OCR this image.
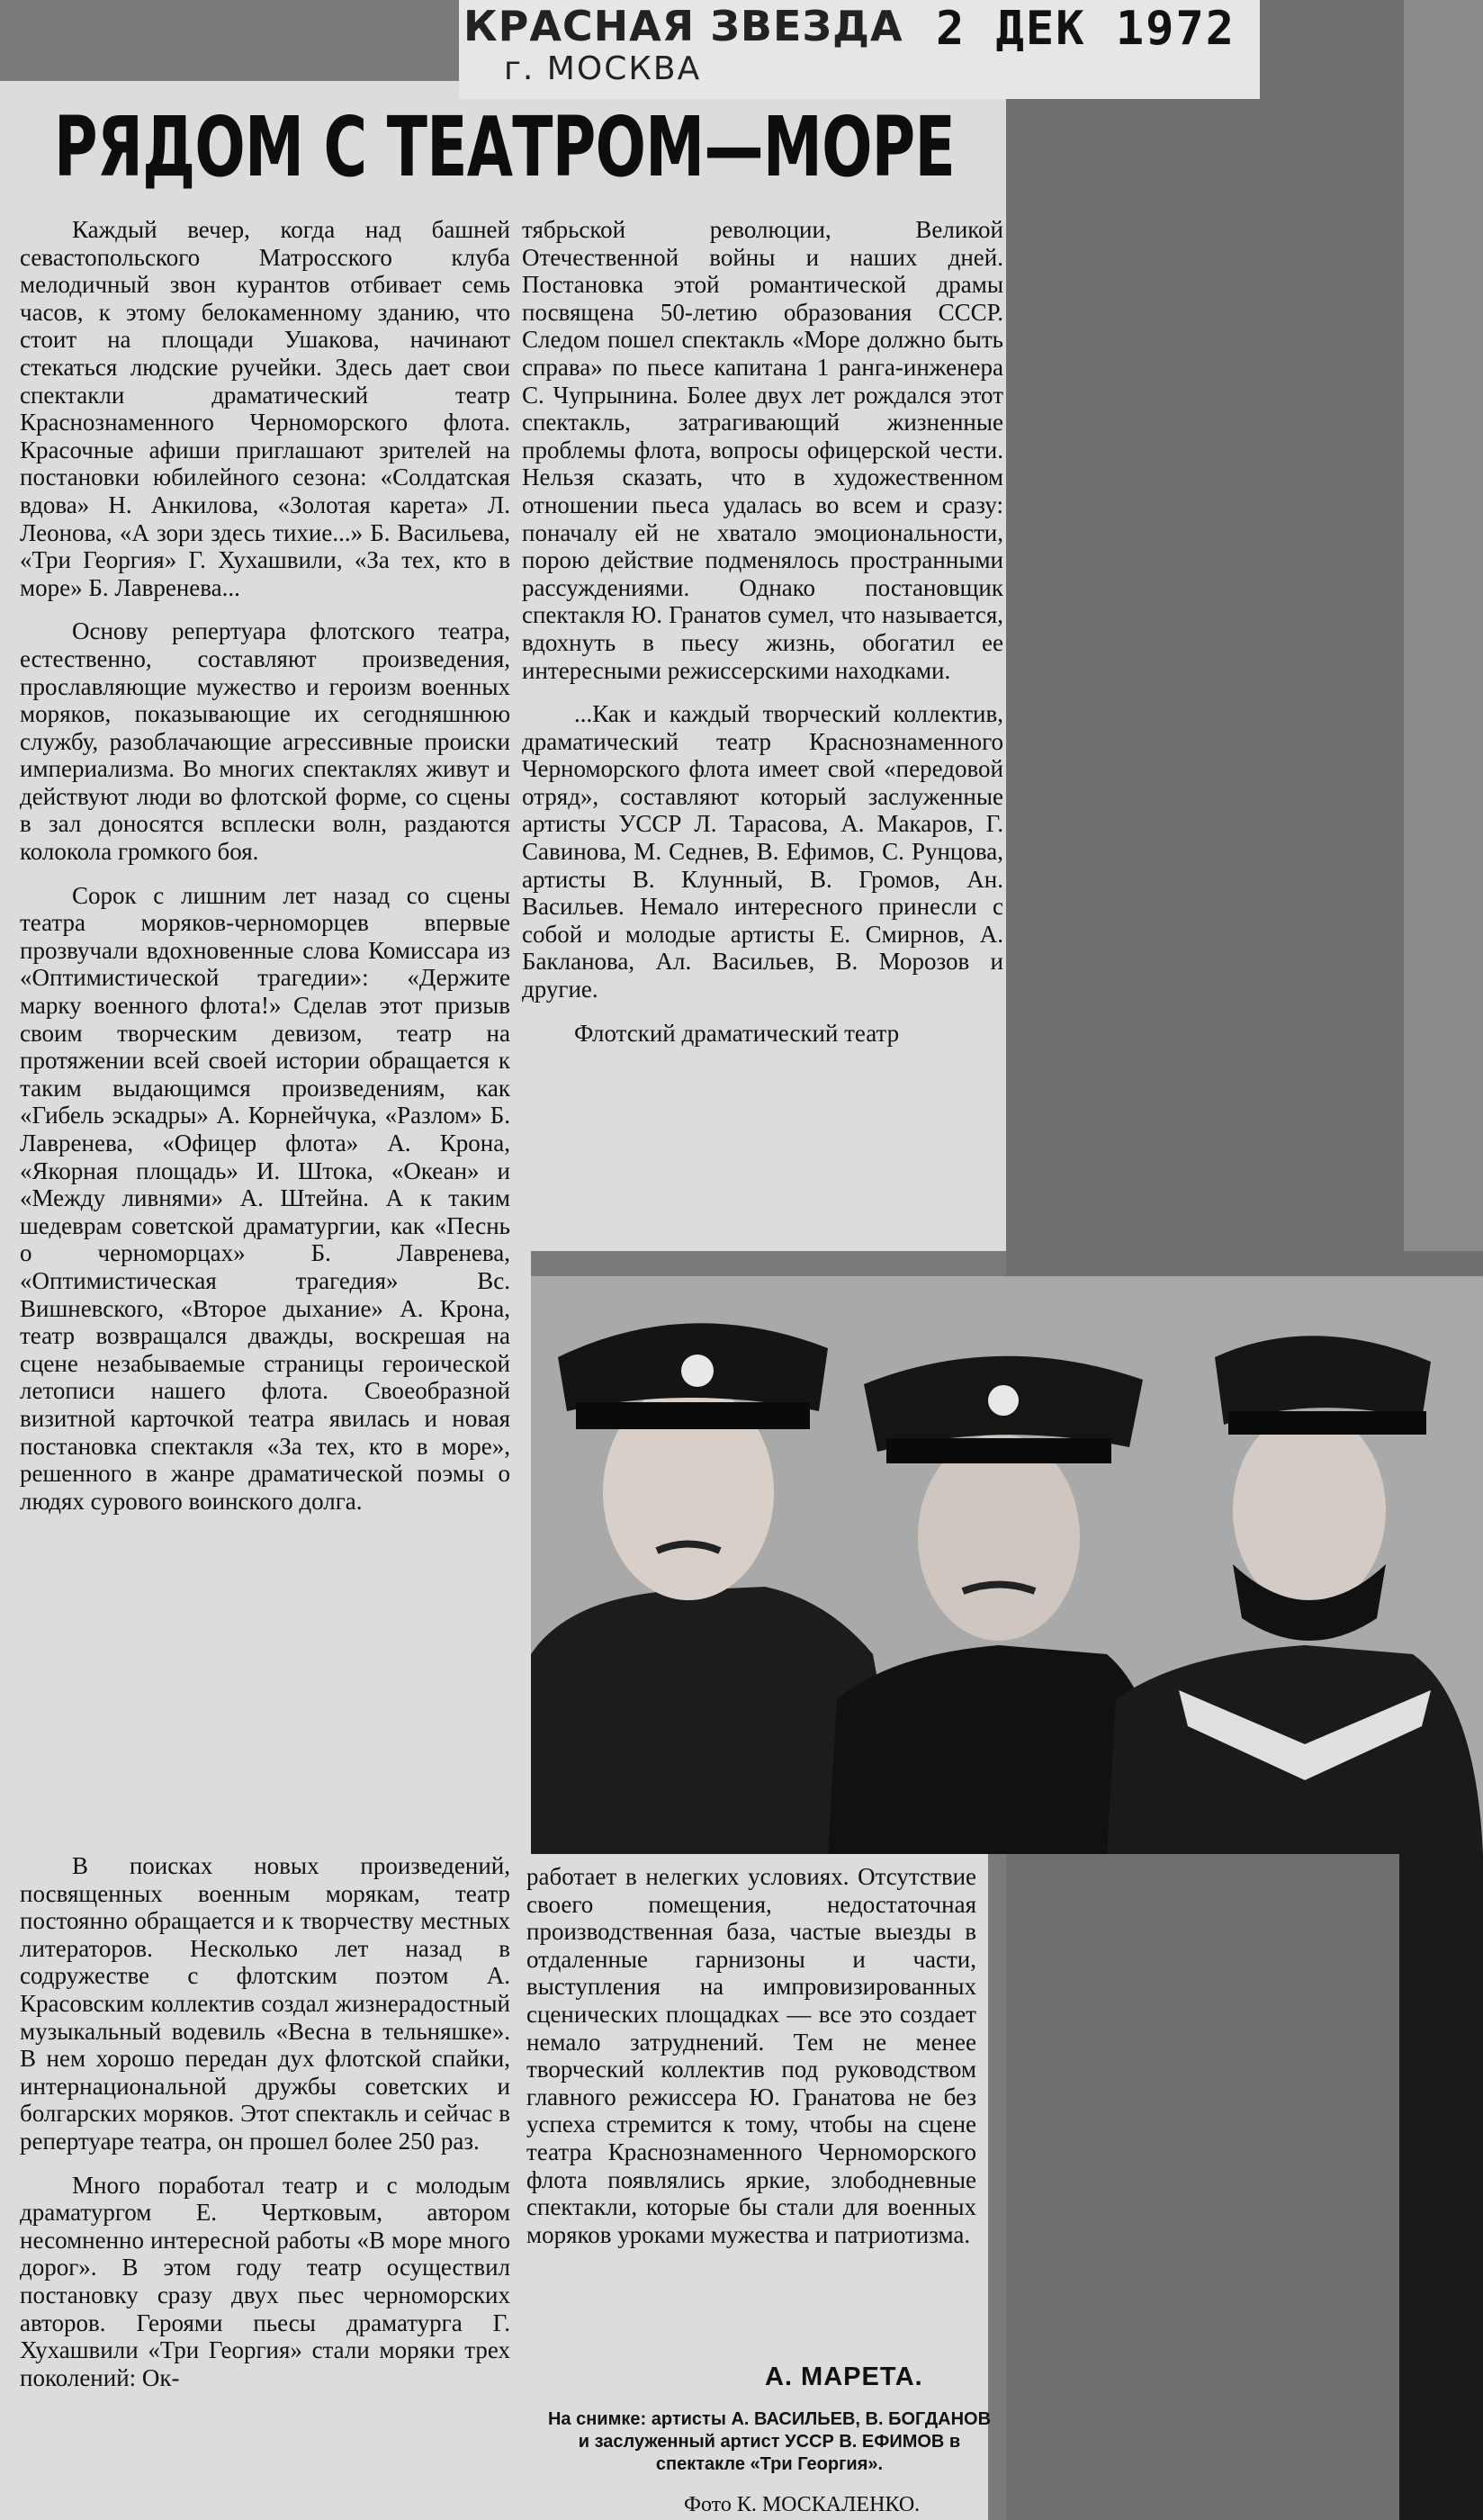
КРАСНАЯ ЗВЕЗДА
г. МОСКВА
2 ДЕК 1972
РЯДОМ С ТЕАТРОМ—МОРЕ

Каждый вечер, когда над башней севастопольского Матросского клуба мелодичный звон курантов отбивает семь часов, к этому белокаменному зданию, что стоит на площади Ушакова, начинают стекаться людские ручейки. Здесь дает свои спектакли драматический театр Краснознаменного Черноморского флота. Красочные афиши приглашают зрителей на постановки юбилейного сезона: «Солдатская вдова» Н. Анкилова, «Золотая карета» Л. Леонова, «А зори здесь тихие...» Б. Васильева, «Три Георгия» Г. Хухашвили, «За тех, кто в море» Б. Лавренева...

Основу репертуара флотского театра, естественно, составляют произведения, прославляющие мужество и героизм военных моряков, показывающие их сегодняшнюю службу, разоблачающие агрессивные происки империализма. Во многих спектаклях живут и действуют люди во флотской форме, со сцены в зал доносятся всплески волн, раздаются колокола громкого боя.

Сорок с лишним лет назад со сцены театра моряков-черноморцев впервые прозвучали вдохновенные слова Комиссара из «Оптимистической трагедии»: «Держите марку военного флота!» Сделав этот призыв своим творческим девизом, театр на протяжении всей своей истории обращается к таким выдающимся произведениям, как «Гибель эскадры» А. Корнейчука, «Разлом» Б. Лавренева, «Офицер флота» А. Крона, «Якорная площадь» И. Штока, «Океан» и «Между ливнями» А. Штейна. А к таким шедеврам советской драматургии, как «Песнь о черноморцах» Б. Лавренева, «Оптимистическая трагедия» Вс. Вишневского, «Второе дыхание» А. Крона, театр возвращался дважды, воскрешая на сцене незабываемые страницы героической летописи нашего флота. Своеобразной визитной карточкой театра явилась и новая постановка спектакля «За тех, кто в море», решенного в жанре драматической поэмы о людях сурового воинского долга.

тябрьской революции, Великой Отечественной войны и наших дней. Постановка этой романтической драмы посвящена 50-летию образования СССР. Следом пошел спектакль «Море должно быть справа» по пьесе капитана 1 ранга-инженера С. Чупрынина. Более двух лет рождался этот спектакль, затрагивающий жизненные проблемы флота, вопросы офицерской чести. Нельзя сказать, что в художественном отношении пьеса удалась во всем и сразу: поначалу ей не хватало эмоциональности, порою действие подменялось пространными рассуждениями. Однако постановщик спектакля Ю. Гранатов сумел, что называется, вдохнуть в пьесу жизнь, обогатил ее интересными режиссерскими находками.

...Как и каждый творческий коллектив, драматический театр Краснознаменного Черноморского флота имеет свой «передовой отряд», составляют который заслуженные артисты УССР Л. Тарасова, А. Макаров, Г. Савинова, М. Седнев, В. Ефимов, С. Рунцова, артисты В. Клунный, В. Громов, Ан. Васильев. Немало интересного принесли с собой и молодые артисты Е. Смирнов, А. Бакланова, Ал. Васильев, В. Морозов и другие.

Флотский драматический театр

В поисках новых произведений, посвященных военным морякам, театр постоянно обращается и к творчеству местных литераторов. Несколько лет назад в содружестве с флотским поэтом А. Красовским коллектив создал жизнерадостный музыкальный водевиль «Весна в тельняшке». В нем хорошо передан дух флотской спайки, интернациональной дружбы советских и болгарских моряков. Этот спектакль и сейчас в репертуаре театра, он прошел более 250 раз.

Много поработал театр и с молодым драматургом Е. Чертковым, автором несомненно интересной работы «В море много дорог». В этом году театр осуществил постановку сразу двух пьес черноморских авторов. Героями пьесы драматурга Г. Хухашвили «Три Георгия» стали моряки трех поколений: Ок-

работает в нелегких условиях. Отсутствие своего помещения, недостаточная производственная база, частые выезды в отдаленные гарнизоны и части, выступления на импровизированных сценических площадках — все это создает немало затруднений. Тем не менее творческий коллектив под руководством главного режиссера Ю. Гранатова не без успеха стремится к тому, чтобы на сцене театра Краснознаменного Черноморского флота появлялись яркие, злободневные спектакли, которые бы стали для военных моряков уроками мужества и патриотизма.

А. МАРЕТА.
На снимке: артисты А. ВАСИЛЬЕВ, В. БОГДАНОВ и заслуженный артист УССР В. ЕФИМОВ в спектакле «Три Георгия».
Фото К. МОСКАЛЕНКО.
